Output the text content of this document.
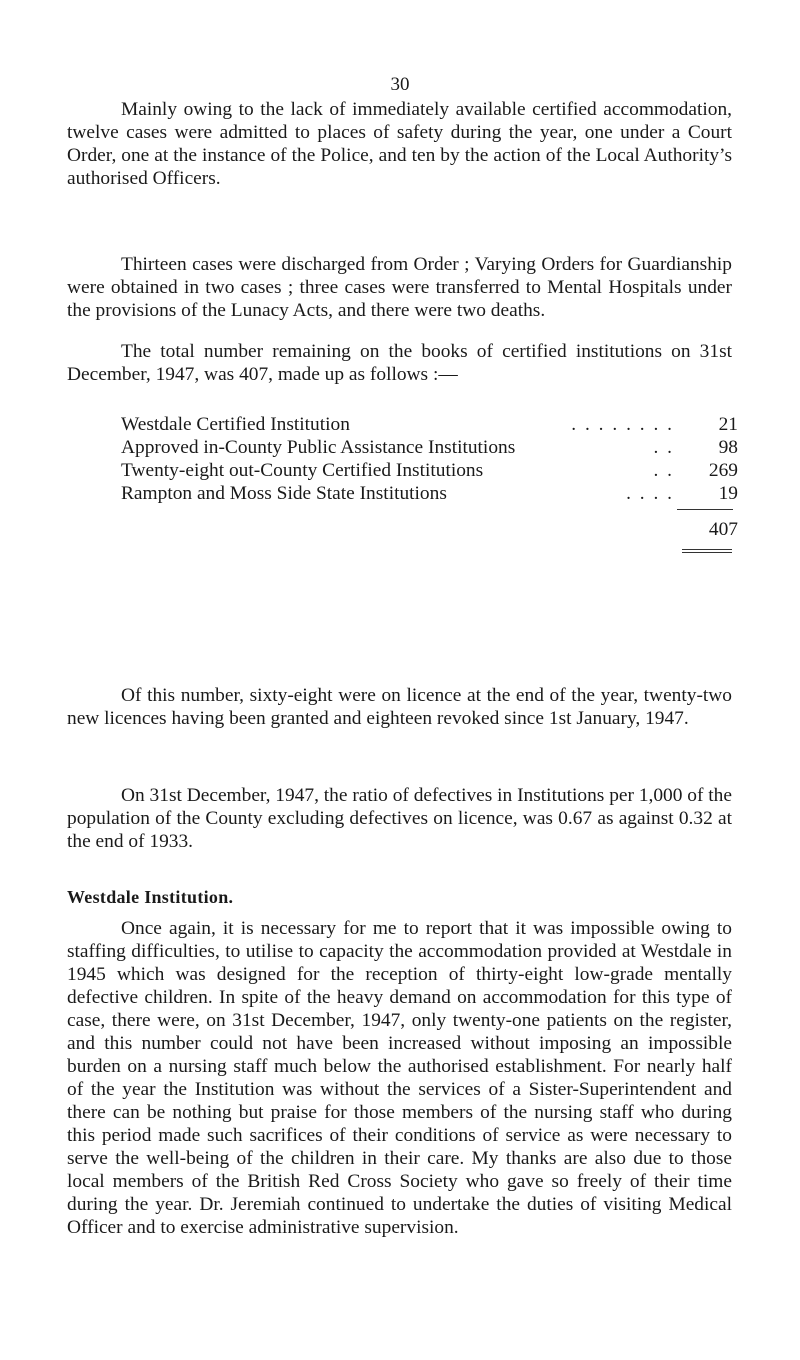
30

Mainly owing to the lack of immediately available certified accommodation, twelve cases were admitted to places of safety during the year, one under a Court Order, one at the instance of the Police, and ten by the action of the Local Authority’s authorised Officers.

Thirteen cases were discharged from Order ; Varying Orders for Guardianship were obtained in two cases ; three cases were transferred to Mental Hospitals under the provisions of the Lunacy Acts, and there were two deaths.

The total number remaining on the books of certified institutions on 31st December, 1947, was 407, made up as follows :—

Westdale Certified Institution	. . . . . . . .	21
Approved in-County Public Assistance Institutions	. .	98
Twenty-eight out-County Certified Institutions	. .	269
Rampton and Moss Side State Institutions	. . . .	19
407

Of this number, sixty-eight were on licence at the end of the year, twenty-two new licences having been granted and eighteen revoked since 1st January, 1947.

On 31st December, 1947, the ratio of defectives in Institutions per 1,000 of the population of the County excluding defectives on licence, was 0.67 as against 0.32 at the end of 1933.

Westdale Institution.

Once again, it is necessary for me to report that it was impossible owing to staffing difficulties, to utilise to capacity the accommodation provided at Westdale in 1945 which was designed for the reception of thirty-eight low-grade mentally defective children. In spite of the heavy demand on accommodation for this type of case, there were, on 31st December, 1947, only twenty-one patients on the register, and this number could not have been increased without imposing an impossible burden on a nursing staff much below the authorised establishment. For nearly half of the year the Institution was without the services of a Sister-Superintendent and there can be nothing but praise for those members of the nursing staff who during this period made such sacrifices of their conditions of service as were necessary to serve the well-being of the children in their care. My thanks are also due to those local members of the British Red Cross Society who gave so freely of their time during the year. Dr. Jeremiah continued to undertake the duties of visiting Medical Officer and to exercise administrative supervision.
